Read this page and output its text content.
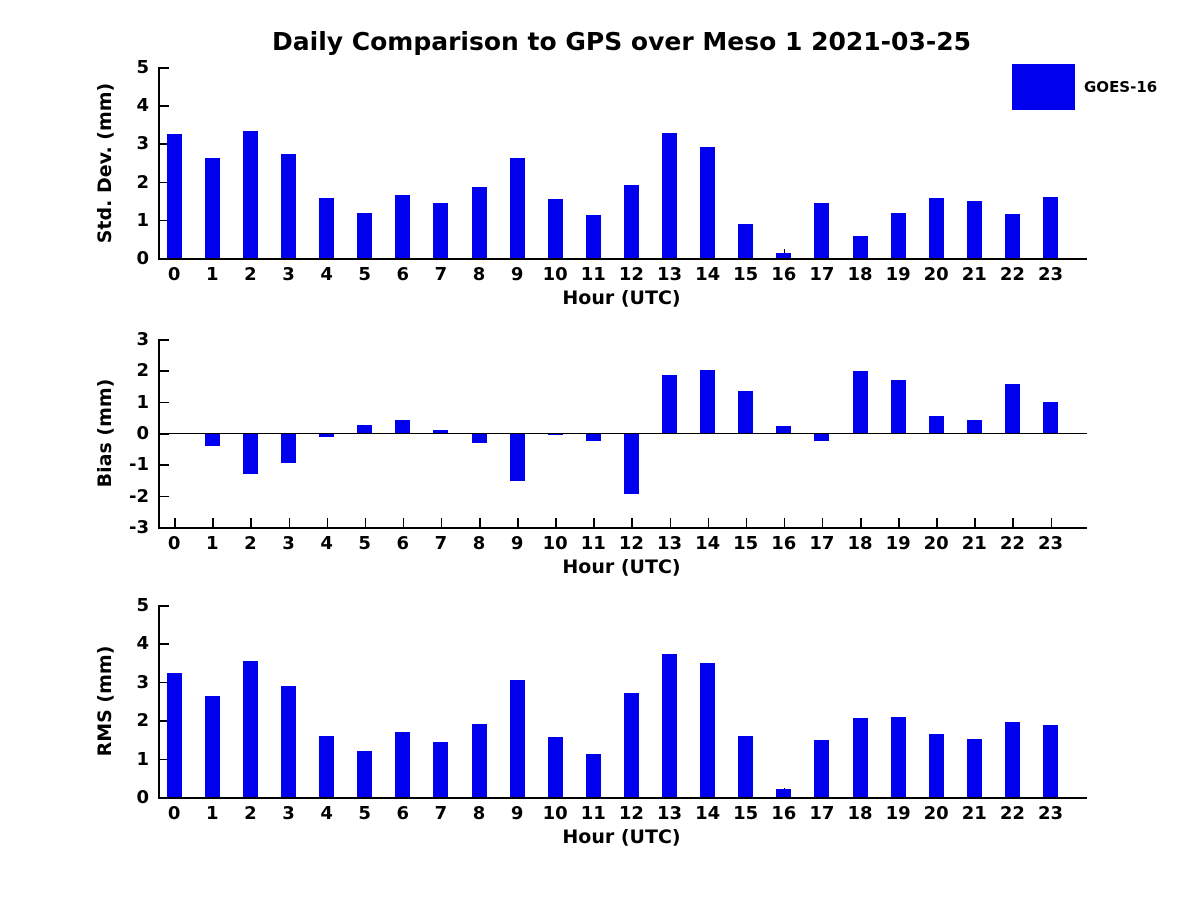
Daily Comparison to GPS over Meso 1 2021-03-25
GOES-16
0
1
2
3
4
5
0	1	2	3	4	5	6	7	8	9	10 11 12 13 14 15 16 17 18 19 20 21 22 23
Std. Dev. (mm)
Hour (UTC)
-3
-2
-1
0
1
2
3
0	1	2	3	4	5	6	7	8	9	10 11 12 13 14 15 16 17 18 19 20 21 22 23
Bias (mm)
Hour (UTC)
0
1
2
3
4
5
0	1	2	3	4	5	6	7	8	9	10 11 12 13 14 15 16 17 18 19 20 21 22 23
RMS (mm)
Hour (UTC)
